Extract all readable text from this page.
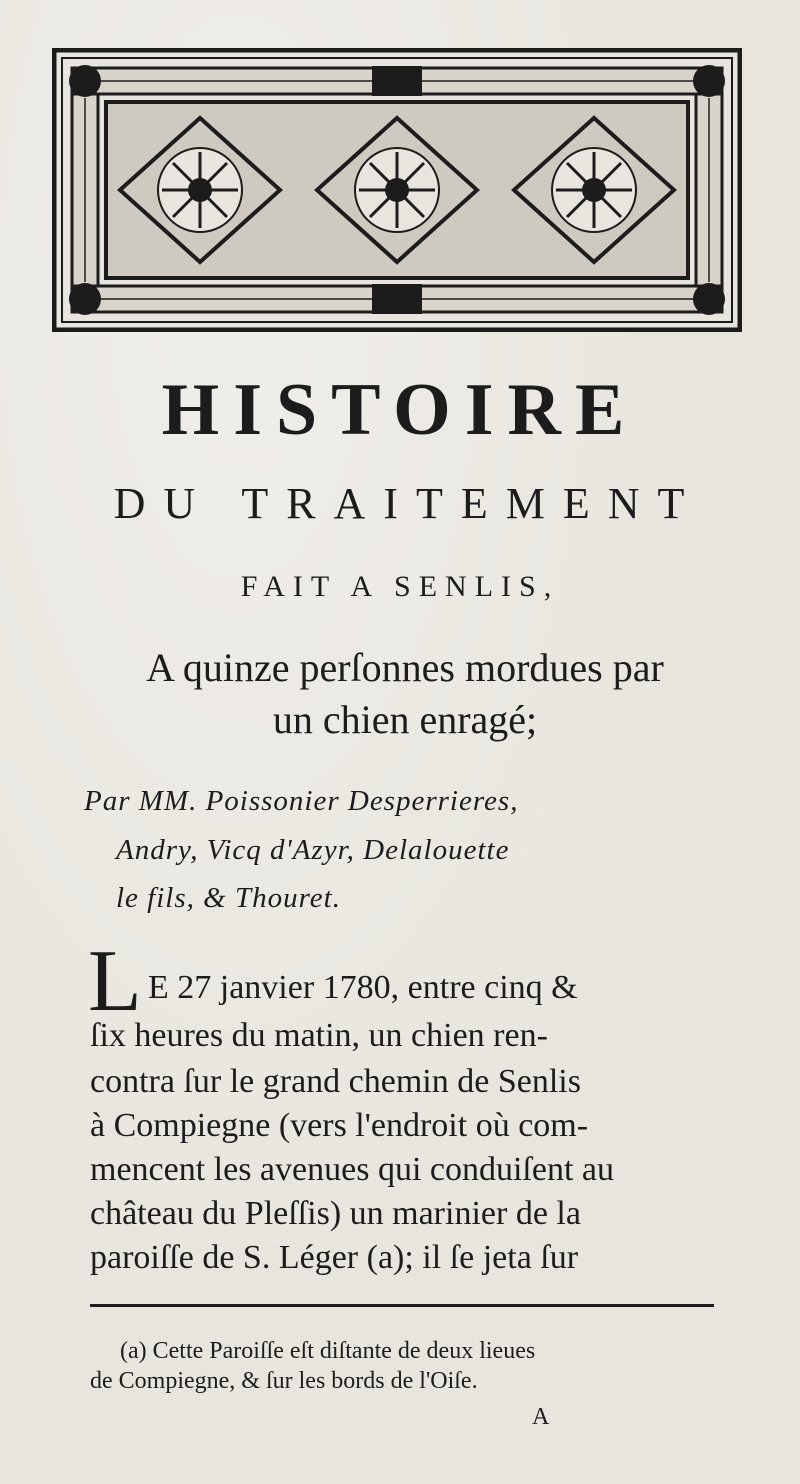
HISTOIRE
DU TRAITEMENT
FAIT A SENLIS,
A quinze perſonnes mordues par
un chien enragé;
Par MM. Poissonier Desperrieres,
Andry, Vicq d'Azyr, Delalouette
le fils, & Thouret.
L E 27 janvier 1780, entre cinq &
ſix heures du matin, un chien ren-
contra ſur le grand chemin de Senlis
à Compiegne (vers l'endroit où com-
mencent les avenues qui conduiſent au
château du Pleſſis) un marinier de la
paroiſſe de S. Léger (a); il ſe jeta ſur
(a) Cette Paroiſſe eſt diſtante de deux lieues
de Compiegne, & ſur les bords de l'Oiſe.
A
